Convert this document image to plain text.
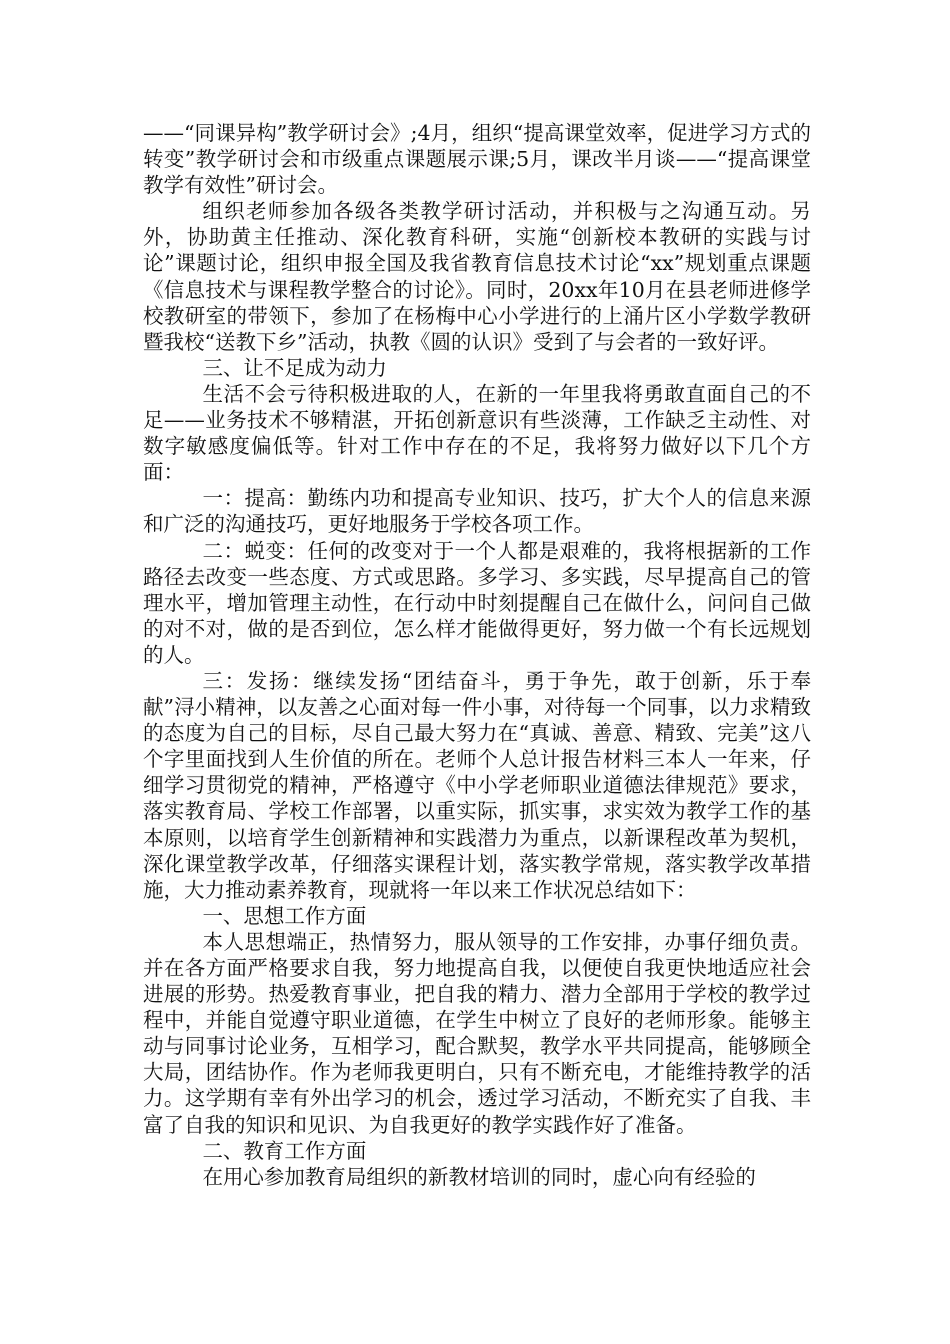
——“同课异构”教学研讨会》;4月，组织“提高课堂效率，促进学习方式的转变”教学研讨会和市级重点课题展示课;5月，课改半月谈——“提高课堂教学有效性”研讨会。

组织老师参加各级各类教学研讨活动，并积极与之沟通互动。另外，协助黄主任推动、深化教育科研，实施“创新校本教研的实践与讨论”课题讨论，组织申报全国及我省教育信息技术讨论“xx”规划重点课题《信息技术与课程教学整合的讨论》。同时，20xx年10月在县老师进修学校教研室的带领下，参加了在杨梅中心小学进行的上涌片区小学数学教研暨我校“送教下乡”活动，执教《圆的认识》受到了与会者的一致好评。

三、让不足成为动力

生活不会亏待积极进取的人，在新的一年里我将勇敢直面自己的不足——业务技术不够精湛，开拓创新意识有些淡薄，工作缺乏主动性、对数字敏感度偏低等。针对工作中存在的不足，我将努力做好以下几个方面：

一：提高：勤练内功和提高专业知识、技巧，扩大个人的信息来源和广泛的沟通技巧，更好地服务于学校各项工作。

二：蜕变：任何的改变对于一个人都是艰难的，我将根据新的工作路径去改变一些态度、方式或思路。多学习、多实践，尽早提高自己的管理水平，增加管理主动性，在行动中时刻提醒自己在做什么，问问自己做的对不对，做的是否到位，怎么样才能做得更好，努力做一个有长远规划的人。

三：发扬：继续发扬“团结奋斗，勇于争先，敢于创新，乐于奉献”浔小精神，以友善之心面对每一件小事，对待每一个同事，以力求精致的态度为自己的目标，尽自己最大努力在“真诚、善意、精致、完美”这八个字里面找到人生价值的所在。老师个人总计报告材料三本人一年来，仔细学习贯彻党的精神，严格遵守《中小学老师职业道德法律规范》要求，落实教育局、学校工作部署，以重实际，抓实事，求实效为教学工作的基本原则，以培育学生创新精神和实践潜力为重点，以新课程改革为契机，深化课堂教学改革，仔细落实课程计划，落实教学常规，落实教学改革措施，大力推动素养教育，现就将一年以来工作状况总结如下：

一、思想工作方面

本人思想端正，热情努力，服从领导的工作安排，办事仔细负责。并在各方面严格要求自我，努力地提高自我，以便使自我更快地适应社会进展的形势。热爱教育事业，把自我的精力、潜力全部用于学校的教学过程中，并能自觉遵守职业道德，在学生中树立了良好的老师形象。能够主动与同事讨论业务，互相学习，配合默契，教学水平共同提高，能够顾全大局，团结协作。作为老师我更明白，只有不断充电，才能维持教学的活力。这学期有幸有外出学习的机会，透过学习活动，不断充实了自我、丰富了自我的知识和见识、为自我更好的教学实践作好了准备。

二、教育工作方面

在用心参加教育局组织的新教材培训的同时，虚心向有经验的
